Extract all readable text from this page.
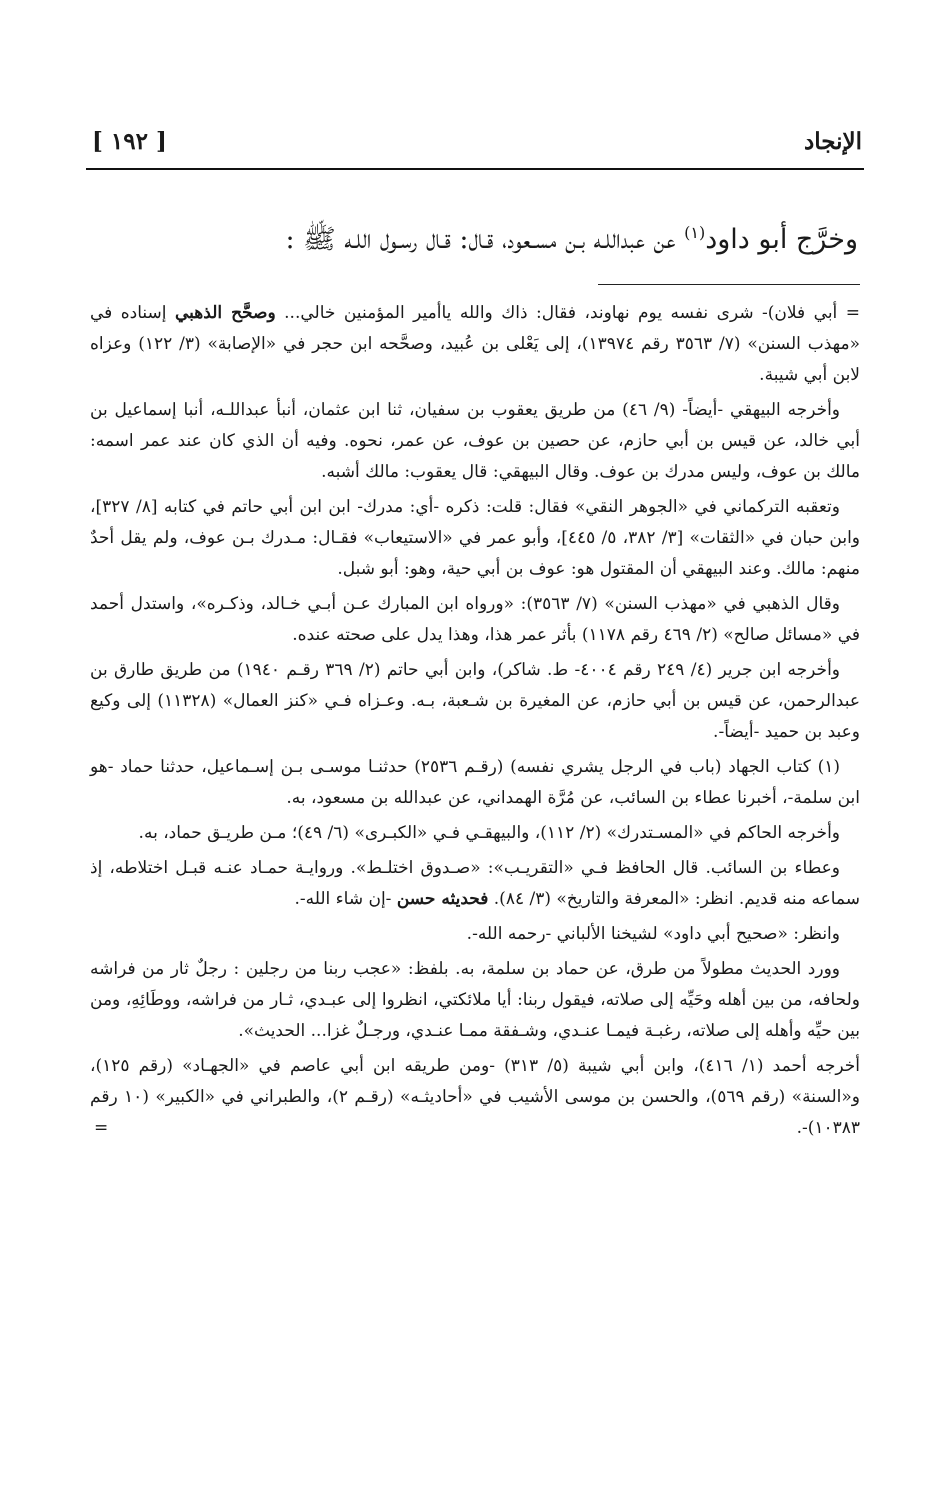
الإنجاد
[ ١٩٢ ]
وخرَّج أبو داود$^{(١)}$ عن عبداللـه بـن مسـعود، قـال: قـال رسـول اللـه ﷺ :

= أبي فلان)- شرى نفسه يوم نهاوند، فقال: ذاك والله ياأمير المؤمنين خالي... وصحَّح الذهبي إسناده في «مهذب السنن» (٧/ ٣٥٦٣ رقم ١٣٩٧٤)، إلى يَعْلى بن عُبيد، وصحَّحه ابن حجر في «الإصابة» (٣/ ١٢٢) وعزاه لابن أبي شيبة.

وأخرجه البيهقي -أيضاً- (٩/ ٤٦) من طريق يعقوب بن سفيان، ثنا ابن عثمان، أنبأ عبداللـه، أنبا إسماعيل بن أبي خالد، عن قيس بن أبي حازم، عن حصين بن عوف، عن عمر، نحوه. وفيه أن الذي كان عند عمر اسمه: مالك بن عوف، وليس مدرك بن عوف. وقال البيهقي: قال يعقوب: مالك أشبه.

وتعقبه التركماني في «الجوهر النقي» فقال: قلت: ذكره -أي: مدرك- ابن ابن أبي حاتم في كتابه [٨/ ٣٢٧]، وابن حبان في «الثقات» [٣/ ٣٨٢، ٥/ ٤٤٥]، وأبو عمر في «الاستيعاب» فقـال: مـدرك بـن عوف، ولم يقل أحدٌ منهم: مالك. وعند البيهقي أن المقتول هو: عوف بن أبي حية، وهو: أبو شبل.

وقال الذهبي في «مهذب السنن» (٧/ ٣٥٦٣): «ورواه ابن المبارك عـن أبـي خـالد، وذكـره»، واستدل أحمد في «مسائل صالح» (٢/ ٤٦٩ رقم ١١٧٨) بأثر عمر هذا، وهذا يدل على صحته عنده.

وأخرجه ابن جرير (٤/ ٢٤٩ رقم ٤٠٠٤- ط. شاكر)، وابن أبي حاتم (٢/ ٣٦٩ رقـم ١٩٤٠) من طريق طارق بن عبدالرحمن، عن قيس بن أبي حازم، عن المغيرة بن شـعبة، بـه. وعـزاه فـي «كنز العمال» (١١٣٢٨) إلى وكيع وعبد بن حميد -أيضاً-.

(١) كتاب الجهاد (باب في الرجل يشري نفسه) (رقـم ٢٥٣٦) حدثنـا موسـى بـن إسـماعيل، حدثنا حماد -هو ابن سلمة-، أخبرنا عطاء بن السائب، عن مُرَّة الهمداني، عن عبدالله بن مسعود، به.

وأخرجه الحاكم في «المسـتدرك» (٢/ ١١٢)، والبيهقـي فـي «الكبـرى» (٦/ ٤٩)؛ مـن طريـق حماد، به.

وعطاء بن السائب. قال الحافظ فـي «التقريـب»: «صـدوق اختلـط». وروايـة حمـاد عنـه قبـل اختلاطه، إذ سماعه منه قديم. انظر: «المعرفة والتاريخ» (٣/ ٨٤). فحديثه حسن -إن شاء الله-.

وانظر: «صحيح أبي داود» لشيخنا الألباني -رحمه الله-.

وورد الحديث مطولاً من طرق، عن حماد بن سلمة، به. بلفظ: «عجب ربنا من رجلين : رجلٌ ثار من فراشه ولحافه، من بين أهله وحَيِّه إلى صلاته، فيقول ربنا: أيا ملائكتي، انظروا إلى عبـدي، ثـار من فراشه، ووطَائِهِ، ومن بين حيِّه وأهله إلى صلاته، رغبـة فيمـا عنـدي، وشـفقة ممـا عنـدي، ورجـلٌ غزا... الحديث».

أخرجه أحمد (١/ ٤١٦)، وابن أبي شيبة (٥/ ٣١٣) -ومن طريقه ابن أبي عاصم في «الجهـاد» (رقم ١٢٥)، و«السنة» (رقم ٥٦٩)، والحسن بن موسى الأشيب في «أحاديثـه» (رقـم ٢)، والطبراني في «الكبير» (١٠ رقم ١٠٣٨٣)-.
=
